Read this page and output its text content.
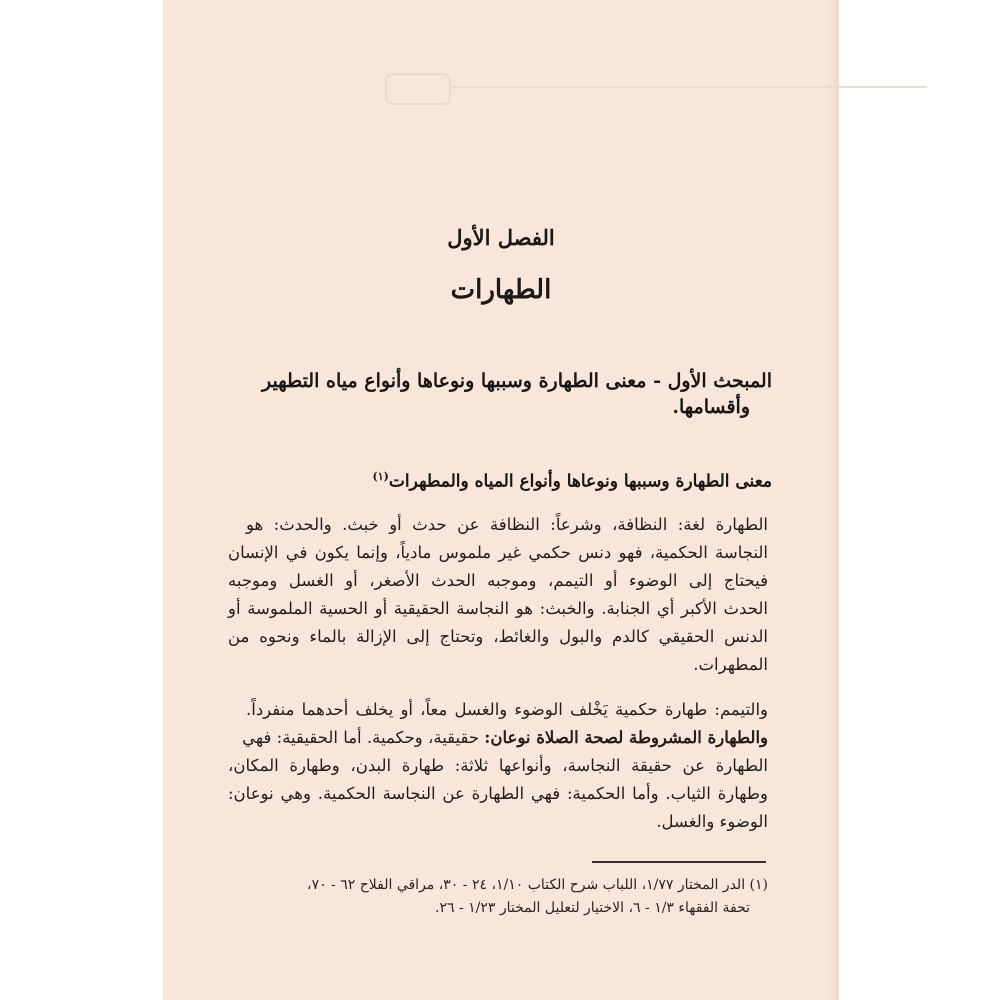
الفصل الأول
الطهارات
المبحث الأول - معنى الطهارة وسببها ونوعاها وأنواع مياه التطهير
وأقسامها.
معنى الطهارة وسببها ونوعاها وأنواع المياه والمطهرات$^{(١)}$
الطهارة لغة: النظافة، وشرعاً: النظافة عن حدث أو خبث. والحدث: هو
النجاسة الحكمية، فهو دنس حكمي غير ملموس مادياً، وإنما يكون في الإنسان
فيحتاج إلى الوضوء أو التيمم، وموجبه الحدث الأصغر، أو الغسل وموجبه
الحدث الأكبر أي الجنابة. والخبث: هو النجاسة الحقيقية أو الحسية الملموسة أو
الدنس الحقيقي كالدم والبول والغائط، وتحتاج إلى الإزالة بالماء ونحوه من
المطهرات.
والتيمم: طهارة حكمية يَخْلف الوضوء والغسل معاً، أو يخلف أحدهما منفرداً.
والطهارة المشروطة لصحة الصلاة نوعان: حقيقية، وحكمية. أما الحقيقية: فهي
الطهارة عن حقيقة النجاسة، وأنواعها ثلاثة: طهارة البدن، وطهارة المكان،
وطهارة الثياب. وأما الحكمية: فهي الطهارة عن النجاسة الحكمية. وهي نوعان:
الوضوء والغسل.
(١) الدر المختار ١/٧٧، اللباب شرح الكتاب ١/١٠، ٢٤ - ٣٠، مراقي الفلاح ٦٢ - ٧٠،
تحفة الفقهاء ١/٣ - ٦، الاختيار لتعليل المختار ١/٢٣ - ٢٦.
